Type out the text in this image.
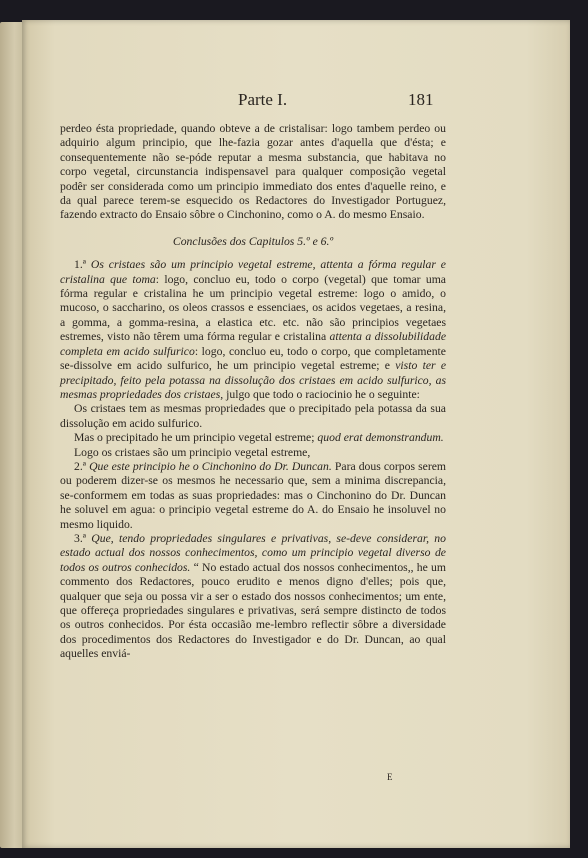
Parte I.	181

perdeo ésta propriedade, quando obteve a de cristalisar: logo tambem perdeo ou adquirio algum principio, que lhe-fazia gozar antes d'aquella que d'ésta; e consequentemente não se-póde reputar a mesma substancia, que habitava no corpo vegetal, circunstancia indispensavel para qualquer composição vegetal podêr ser considerada como um principio immediato dos entes d'aquelle reino, e da qual parece terem-se esquecido os Redactores do Investigador Portuguez, fazendo extracto do Ensaio sôbre o Cinchonino, como o A. do mesmo Ensaio.

Conclusões dos Capitulos 5.º e 6.º

1.ª Os cristaes são um principio vegetal estreme, attenta a fórma regular e cristalina que toma: logo, concluo eu, todo o corpo (vegetal) que tomar uma fórma regular e cristalina he um principio vegetal estreme: logo o amido, o mucoso, o saccharino, os oleos crassos e essenciaes, os acidos vegetaes, a resina, a gomma, a gomma-resina, a elastica etc. etc. não são principios vegetaes estremes, visto não têrem uma fórma regular e cristalina attenta a dissolubilidade completa em acido sulfurico: logo, concluo eu, todo o corpo, que completamente se-dissolve em acido sulfurico, he um principio vegetal estreme; e visto ter e precipitado, feito pela potassa na dissolução dos cristaes em acido sulfurico, as mesmas propriedades dos cristaes, julgo que todo o raciocinio he o seguinte:

Os cristaes tem as mesmas propriedades que o precipitado pela potassa da sua dissolução em acido sulfurico.

Mas o precipitado he um principio vegetal estreme; quod erat demonstrandum.

Logo os cristaes são um principio vegetal estreme,

2.ª Que este principio he o Cinchonino do Dr. Duncan. Para dous corpos serem ou poderem dizer-se os mesmos he necessario que, sem a minima discrepancia, se-conformem em todas as suas propriedades: mas o Cinchonino do Dr. Duncan he soluvel em agua: o principio vegetal estreme do A. do Ensaio he insoluvel no mesmo liquido.

3.ª Que, tendo propriedades singulares e privativas, se-deve considerar, no estado actual dos nossos conhecimentos, como um principio vegetal diverso de todos os outros conhecidos. “ No estado actual dos nossos conhecimentos,, he um commento dos Redactores, pouco erudito e menos digno d'elles; pois que, qualquer que seja ou possa vir a ser o estado dos nossos conhecimentos; um ente, que offereça propriedades singulares e privativas, será sempre distincto de todos os outros conhecidos. Por ésta occasião me-lembro reflectir sôbre a diversidade dos procedimentos dos Redactores do Investigador e do Dr. Duncan, ao qual aquelles enviá-

E
